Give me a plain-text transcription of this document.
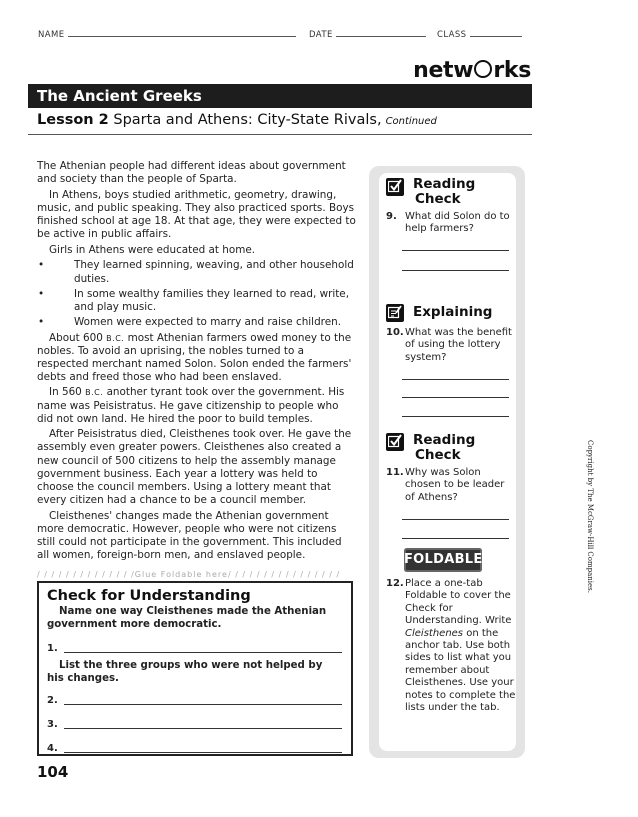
NAME	DATE	CLASS
netw rks
The Ancient Greeks
Lesson 2 Sparta and Athens: City-State Rivals, Continued

The Athenian people had different ideas about government and society than the people of Sparta.

In Athens, boys studied arithmetic, geometry, drawing, music, and public speaking. They also practiced sports. Boys finished school at age 18. At that age, they were expected to be active in public affairs.

Girls in Athens were educated at home.

• They learned spinning, weaving, and other household duties.
• In some wealthy families they learned to read, write, and play music.
• Women were expected to marry and raise children.

About 600 B.C. most Athenian farmers owed money to the nobles. To avoid an uprising, the nobles turned to a respected merchant named Solon. Solon ended the farmers' debts and freed those who had been enslaved.

In 560 B.C. another tyrant took over the government. His name was Peisistratus. He gave citizenship to people who did not own land. He hired the poor to build temples.

After Peisistratus died, Cleisthenes took over. He gave the assembly even greater powers. Cleisthenes also created a new council of 500 citizens to help the assembly manage government business. Each year a lottery was held to choose the council members. Using a lottery meant that every citizen had a chance to be a council member.

Cleisthenes' changes made the Athenian government more democratic. However, people who were not citizens still could not participate in the government. This included all women, foreign-born men, and enslaved people.

/ / / / / / / / / / / / / /Glue Foldable here/ / / / / / / / / / / / / / / /
Check for Understanding
Name one way Cleisthenes made the Athenian government more democratic.
1.
List the three groups who were not helped by his changes.
2.
3.
4.
104
Reading
Check
9. What did Solon do to help farmers?
Explaining
10. What was the benefit of using the lottery system?
Reading
Check
11. Why was Solon chosen to be leader of Athens?
FOLDABLES
12. Place a one-tab Foldable to cover the Check for Understanding. Write Cleisthenes on the anchor tab. Use both sides to list what you remember about Cleisthenes. Use your notes to complete the lists under the tab.
Copyright by The McGraw-Hill Companies.
